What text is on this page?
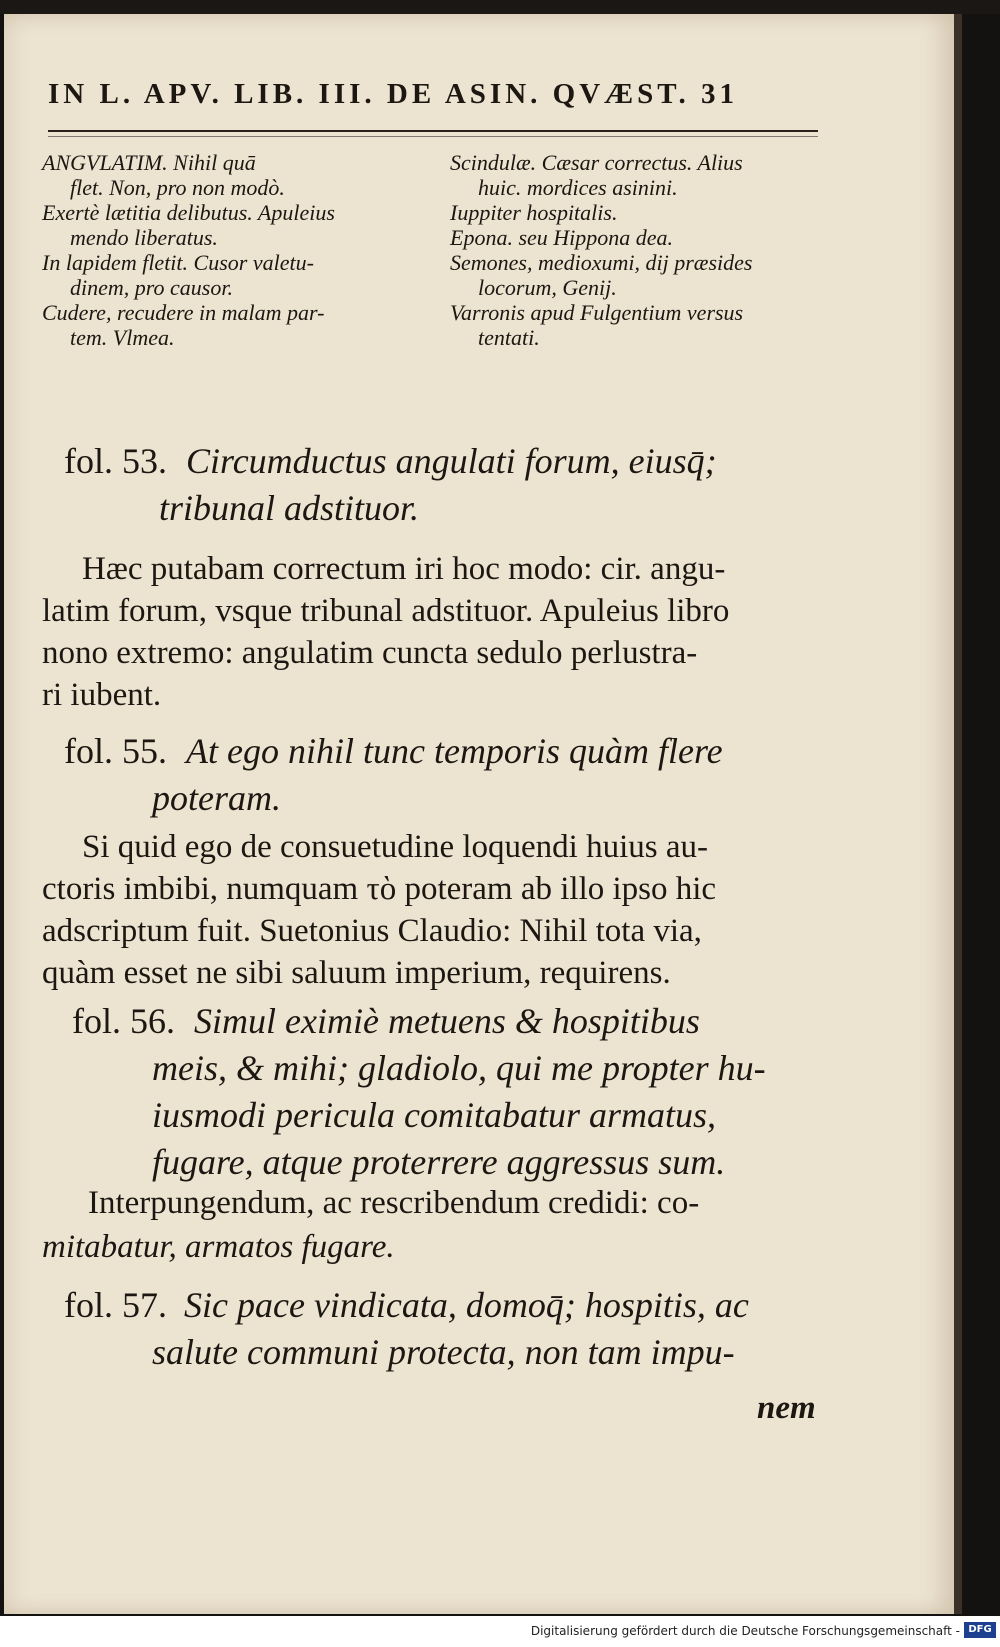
IN L. APV. LIB. III. DE ASIN. QVÆST. 31
ANGVLATIM. Nihil quā
flet. Non, pro non modò.
Exertè lætitia delibutus. Apuleius
mendo liberatus.
In lapidem fletit. Cusor valetu-
dinem, pro causor.
Cudere, recudere in malam par-
tem. Vlmea.
Scindulæ. Cæsar correctus. Alius
huic. mordices asinini.
Iuppiter hospitalis.
Epona. seu Hippona dea.
Semones, medioxumi, dij præsides
locorum, Genij.
Varronis apud Fulgentium versus
tentati.
fol. 53. Circumductus angulati forum, eiusq̄;
tribunal adstituor.
Hæc putabam correctum iri hoc modo: cir. angu-
latim forum, vsque tribunal adstituor. Apuleius libro
nono extremo: angulatim cuncta sedulo perlustra-
ri iubent.
fol. 55. At ego nihil tunc temporis quàm flere
poteram.
Si quid ego de consuetudine loquendi huius au-
ctoris imbibi, numquam τὸ poteram ab illo ipso hic
adscriptum fuit. Suetonius Claudio: Nihil tota via,
quàm esset ne sibi saluum imperium, requirens.
fol. 56. Simul eximiè metuens & hospitibus
meis, & mihi; gladiolo, qui me propter hu-
iusmodi pericula comitabatur armatus,
fugare, atque proterrere aggressus sum.
Interpungendum, ac rescribendum credidi: co-
mitabatur, armatos fugare.
fol. 57. Sic pace vindicata, domoq̄; hospitis, ac
salute communi protecta, non tam impu-
nem
Digitalisierung gefördert durch die Deutsche Forschungsgemeinschaft - DFG
